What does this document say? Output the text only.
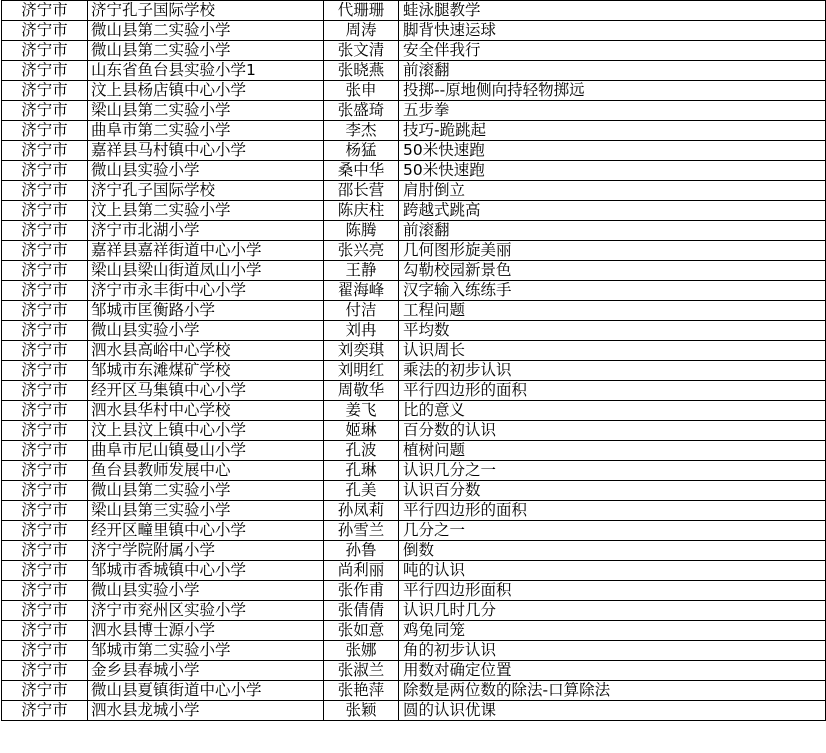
济宁市	济宁孔子国际学校	代珊珊	蛙泳腿教学
济宁市	微山县第二实验小学	周涛	脚背快速运球
济宁市	微山县第二实验小学	张文清	安全伴我行
济宁市	山东省鱼台县实验小学1	张晓燕	前滚翻
济宁市	汶上县杨店镇中心小学	张申	投掷--原地侧向持轻物掷远
济宁市	梁山县第二实验小学	张盛琦	五步拳
济宁市	曲阜市第二实验小学	李杰	技巧-跪跳起
济宁市	嘉祥县马村镇中心小学	杨猛	50米快速跑
济宁市	微山县实验小学	桑中华	50米快速跑
济宁市	济宁孔子国际学校	邵长营	肩肘倒立
济宁市	汶上县第二实验小学	陈庆柱	跨越式跳高
济宁市	济宁市北湖小学	陈腾	前滚翻
济宁市	嘉祥县嘉祥街道中心小学	张兴亮	几何图形旋美丽
济宁市	梁山县梁山街道凤山小学	王静	勾勒校园新景色
济宁市	济宁市永丰街中心小学	翟海峰	汉字输入练练手
济宁市	邹城市匡衡路小学	付洁	工程问题
济宁市	微山县实验小学	刘冉	平均数
济宁市	泗水县高峪中心学校	刘奕琪	认识周长
济宁市	邹城市东滩煤矿学校	刘明红	乘法的初步认识
济宁市	经开区马集镇中心小学	周敬华	平行四边形的面积
济宁市	泗水县华村中心学校	姜飞	比的意义
济宁市	汶上县汶上镇中心小学	姬琳	百分数的认识
济宁市	曲阜市尼山镇曼山小学	孔波	植树问题
济宁市	鱼台县教师发展中心	孔琳	认识几分之一
济宁市	微山县第二实验小学	孔美	认识百分数
济宁市	梁山县第三实验小学	孙凤莉	平行四边形的面积
济宁市	经开区疃里镇中心小学	孙雪兰	几分之一
济宁市	济宁学院附属小学	孙鲁	倒数
济宁市	邹城市香城镇中心小学	尚利丽	吨的认识
济宁市	微山县实验小学	张作甫	平行四边形面积
济宁市	济宁市兖州区实验小学	张倩倩	认识几时几分
济宁市	泗水县博士源小学	张如意	鸡兔同笼
济宁市	邹城市第二实验小学	张娜	角的初步认识
济宁市	金乡县春城小学	张淑兰	用数对确定位置
济宁市	微山县夏镇街道中心小学	张艳萍	除数是两位数的除法-口算除法
济宁市	泗水县龙城小学	张颖	圆的认识优课
